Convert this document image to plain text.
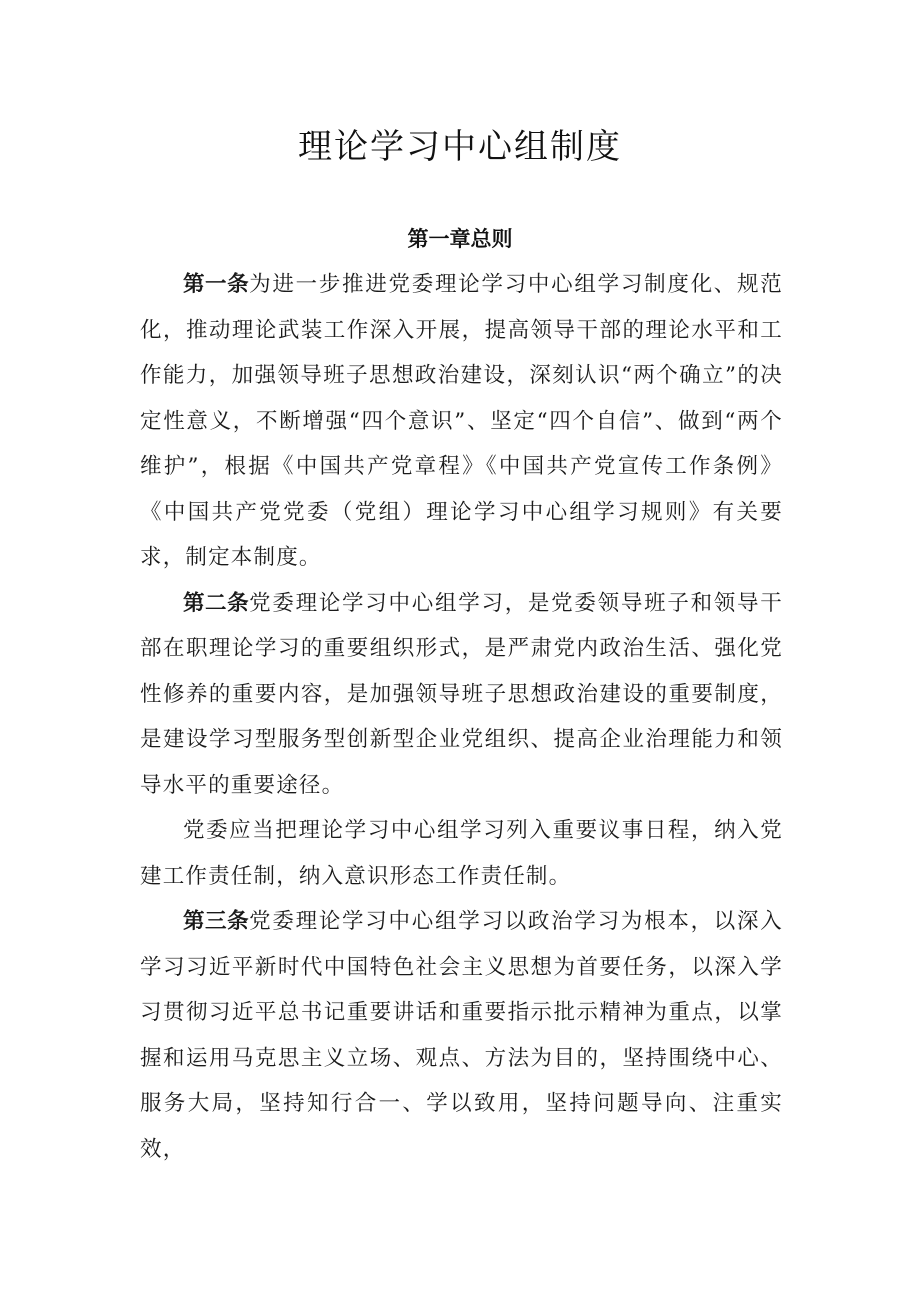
理论学习中心组制度
第一章总则

第一条为进一步推进党委理论学习中心组学习制度化、规范化，推动理论武装工作深入开展，提高领导干部的理论水平和工作能力，加强领导班子思想政治建设，深刻认识“两个确立”的决定性意义，不断增强“四个意识”、坚定“四个自信”、做到“两个维护”，根据《中国共产党章程》《中国共产党宣传工作条例》《中国共产党党委（党组）理论学习中心组学习规则》有关要求，制定本制度。

第二条党委理论学习中心组学习，是党委领导班子和领导干部在职理论学习的重要组织形式，是严肃党内政治生活、强化党性修养的重要内容，是加强领导班子思想政治建设的重要制度，是建设学习型服务型创新型企业党组织、提高企业治理能力和领导水平的重要途径。

党委应当把理论学习中心组学习列入重要议事日程，纳入党建工作责任制，纳入意识形态工作责任制。

第三条党委理论学习中心组学习以政治学习为根本，以深入学习习近平新时代中国特色社会主义思想为首要任务，以深入学习贯彻习近平总书记重要讲话和重要指示批示精神为重点，以掌握和运用马克思主义立场、观点、方法为目的，坚持围绕中心、服务大局，坚持知行合一、学以致用，坚持问题导向、注重实效，
